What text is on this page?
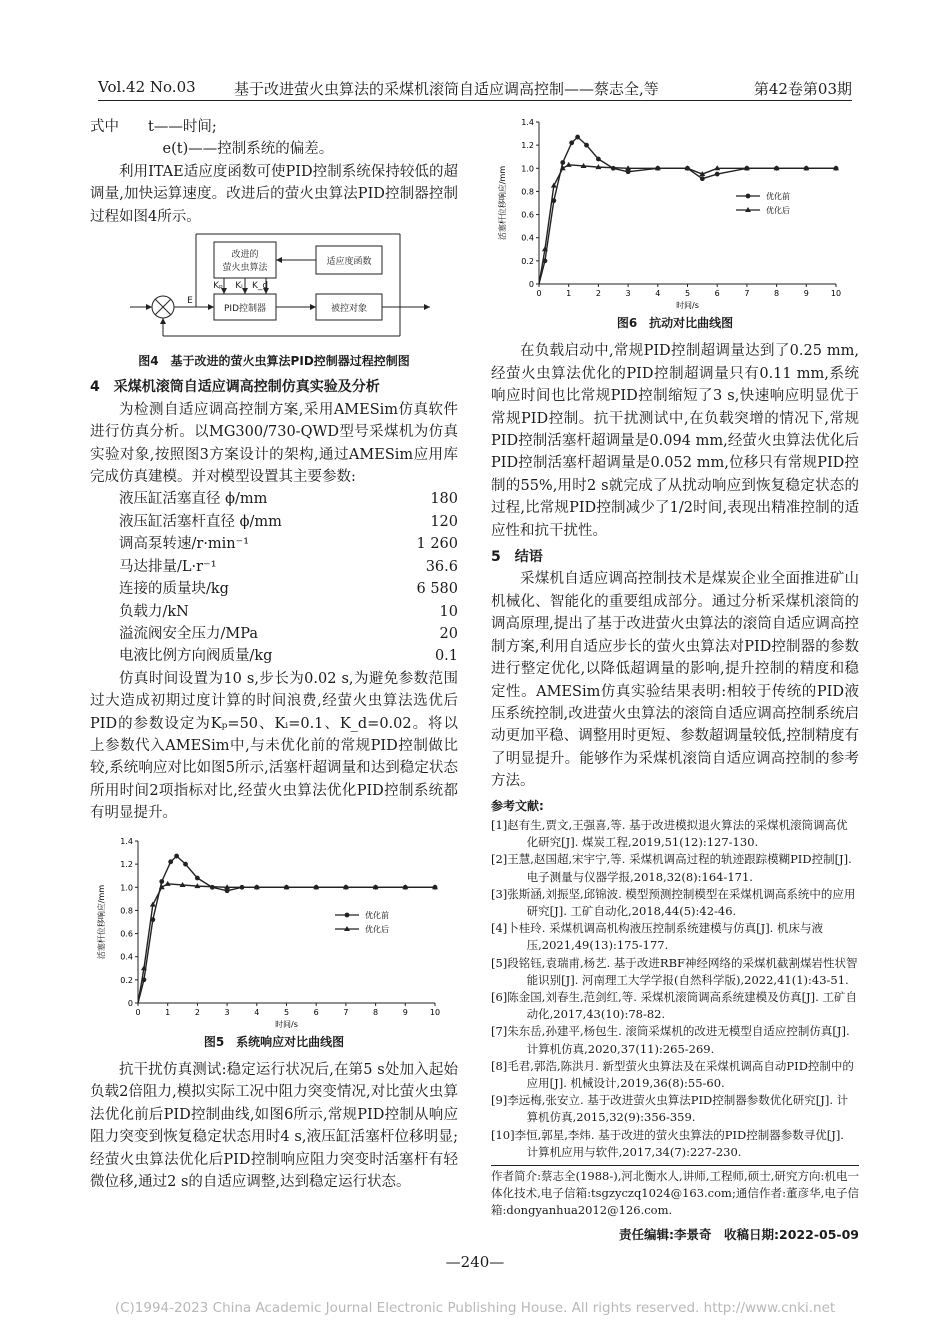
Vol.42 No.03	基于改进萤火虫算法的采煤机滚筒自适应调高控制——蔡志全,等	第42卷第03期

式中　　t——时间;

e(t)——控制系统的偏差。

利用ITAE适应度函数可使PID控制系统保持较低的超调量,加快运算速度。改进后的萤火虫算法PID控制器控制过程如图4所示。

改进的
萤火虫算法
适应度函数
PID控制器	被控对象
Kₚ Kᵢ K_d
E
图4　基于改进的萤火虫算法PID控制器过程控制图

4　采煤机滚筒自适应调高控制仿真实验及分析

为检测自适应调高控制方案,采用AMESim仿真软件进行仿真分析。以MG300/730-QWD型号采煤机为仿真实验对象,按照图3方案设计的架构,通过AMESim应用库完成仿真建模。并对模型设置其主要参数:

液压缸活塞直径 ϕ/mm	180
液压缸活塞杆直径 ϕ/mm	120
调高泵转速/r·min⁻¹	1 260
马达排量/L·r⁻¹	36.6
连接的质量块/kg	6 580
负载力/kN	10
溢流阀安全压力/MPa	20
电液比例方向阀质量/kg	0.1

仿真时间设置为10 s,步长为0.02 s,为避免参数范围过大造成初期过度计算的时间浪费,经萤火虫算法选优后PID的参数设定为Kₚ=50、Kᵢ=0.1、K_d=0.02。将以上参数代入AMESim中,与未优化前的常规PID控制做比较,系统响应对比如图5所示,活塞杆超调量和达到稳定状态所用时间2项指标对比,经萤火虫算法优化PID控制系统都有明显提升。

0	1	2	3	4	5	6	7	8	9	10
0
0.2
0.4
0.6
0.8
1.0
1.2
1.4
时间/s
活塞杆位移响应/mm	优化前
优化后
图5　系统响应对比曲线图

抗干扰仿真测试:稳定运行状况后,在第5 s处加入起始负载2倍阻力,模拟实际工况中阻力突变情况,对比萤火虫算法优化前后PID控制曲线,如图6所示,常规PID控制从响应阻力突变到恢复稳定状态用时4 s,液压缸活塞杆位移明显;经萤火虫算法优化后PID控制响应阻力突变时活塞杆有轻微位移,通过2 s的自适应调整,达到稳定运行状态。

0	1	2	3	4	5	6	7	8	9	10
0
0.2
0.4
0.6
0.8
1.0
1.2
1.4
时间/s
活塞杆位移响应/mm	优化前
优化后
图6　抗动对比曲线图

在负载启动中,常规PID控制超调量达到了0.25 mm,经萤火虫算法优化的PID控制超调量只有0.11 mm,系统响应时间也比常规PID控制缩短了3 s,快速响应明显优于常规PID控制。抗干扰测试中,在负载突增的情况下,常规PID控制活塞杆超调量是0.094 mm,经萤火虫算法优化后PID控制活塞杆超调量是0.052 mm,位移只有常规PID控制的55%,用时2 s就完成了从扰动响应到恢复稳定状态的过程,比常规PID控制减少了1/2时间,表现出精准控制的适应性和抗干扰性。

5　结语

采煤机自适应调高控制技术是煤炭企业全面推进矿山机械化、智能化的重要组成部分。通过分析采煤机滚筒的调高原理,提出了基于改进萤火虫算法的滚筒自适应调高控制方案,利用自适应步长的萤火虫算法对PID控制器的参数进行整定优化,以降低超调量的影响,提升控制的精度和稳定性。AMESim仿真实验结果表明:相较于传统的PID液压系统控制,改进萤火虫算法的滚筒自适应调高控制系统启动更加平稳、调整用时更短、参数超调量较低,控制精度有了明显提升。能够作为采煤机滚筒自适应调高控制的参考方法。

参考文献:
[1]赵有生,贾文,王强喜,等. 基于改进模拟退火算法的采煤机滚筒调高优化研究[J]. 煤炭工程,2019,51(12):127-130.
[2]王慧,赵国超,宋宇宁,等. 采煤机调高过程的轨迹跟踪模糊PID控制[J]. 电子测量与仪器学报,2018,32(8):164-171.
[3]张斯涵,刘振坚,邱锦波. 模型预测控制模型在采煤机调高系统中的应用研究[J]. 工矿自动化,2018,44(5):42-46.
[4]卜桂玲. 采煤机调高机构液压控制系统建模与仿真[J]. 机床与液压,2021,49(13):175-177.
[5]段铭钰,袁瑞甫,杨艺. 基于改进RBF神经网络的采煤机截割煤岩性状智能识别[J]. 河南理工大学学报(自然科学版),2022,41(1):43-51.
[6]陈金国,刘春生,范剑红,等. 采煤机滚筒调高系统建模及仿真[J]. 工矿自动化,2017,43(10):78-82.
[7]朱东岳,孙建平,杨包生. 滚筒采煤机的改进无模型自适应控制仿真[J]. 计算机仿真,2020,37(11):265-269.
[8]毛君,郭浩,陈洪月. 新型萤火虫算法及在采煤机调高自动PID控制中的应用[J]. 机械设计,2019,36(8):55-60.
[9]李远梅,张安立. 基于改进萤火虫算法PID控制器参数优化研究[J]. 计算机仿真,2015,32(9):356-359.
[10]李恒,郭星,李炜. 基于改进的萤火虫算法的PID控制器参数寻优[J]. 计算机应用与软件,2017,34(7):227-230.
作者简介:蔡志全(1988-),河北衡水人,讲师,工程师,硕士,研究方向:机电一体化技术,电子信箱:tsgzyczq1024@163.com;通信作者:董彦华,电子信箱:dongyanhua2012@126.com.
责任编辑:李景奇　收稿日期:2022-05-09
—240—
(C)1994-2023 China Academic Journal Electronic Publishing House. All rights reserved. http://www.cnki.net
